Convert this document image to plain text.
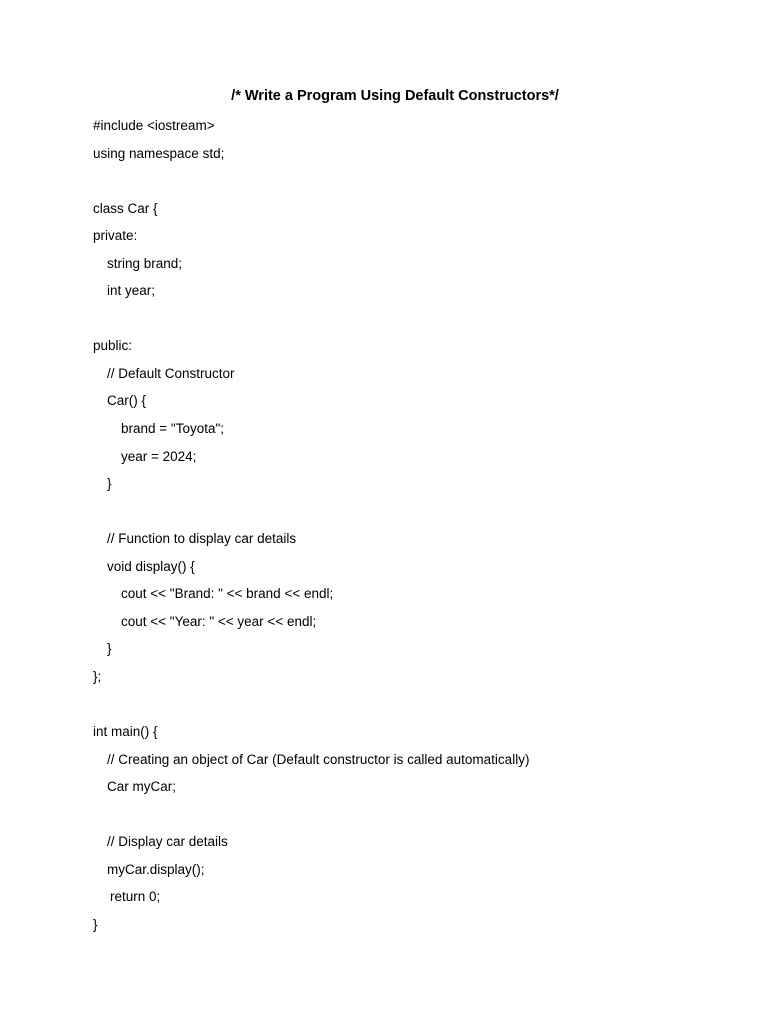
/* Write a Program Using Default Constructors*/
#include <iostream>
using namespace std;
class Car {
private:
string brand;
int year;
public:
// Default Constructor
Car() {
brand = "Toyota";
year = 2024;
}
// Function to display car details
void display() {
cout << "Brand: " << brand << endl;
cout << "Year: " << year << endl;
}
};
int main() {
// Creating an object of Car (Default constructor is called automatically)
Car myCar;
// Display car details
myCar.display();
return 0;
}
